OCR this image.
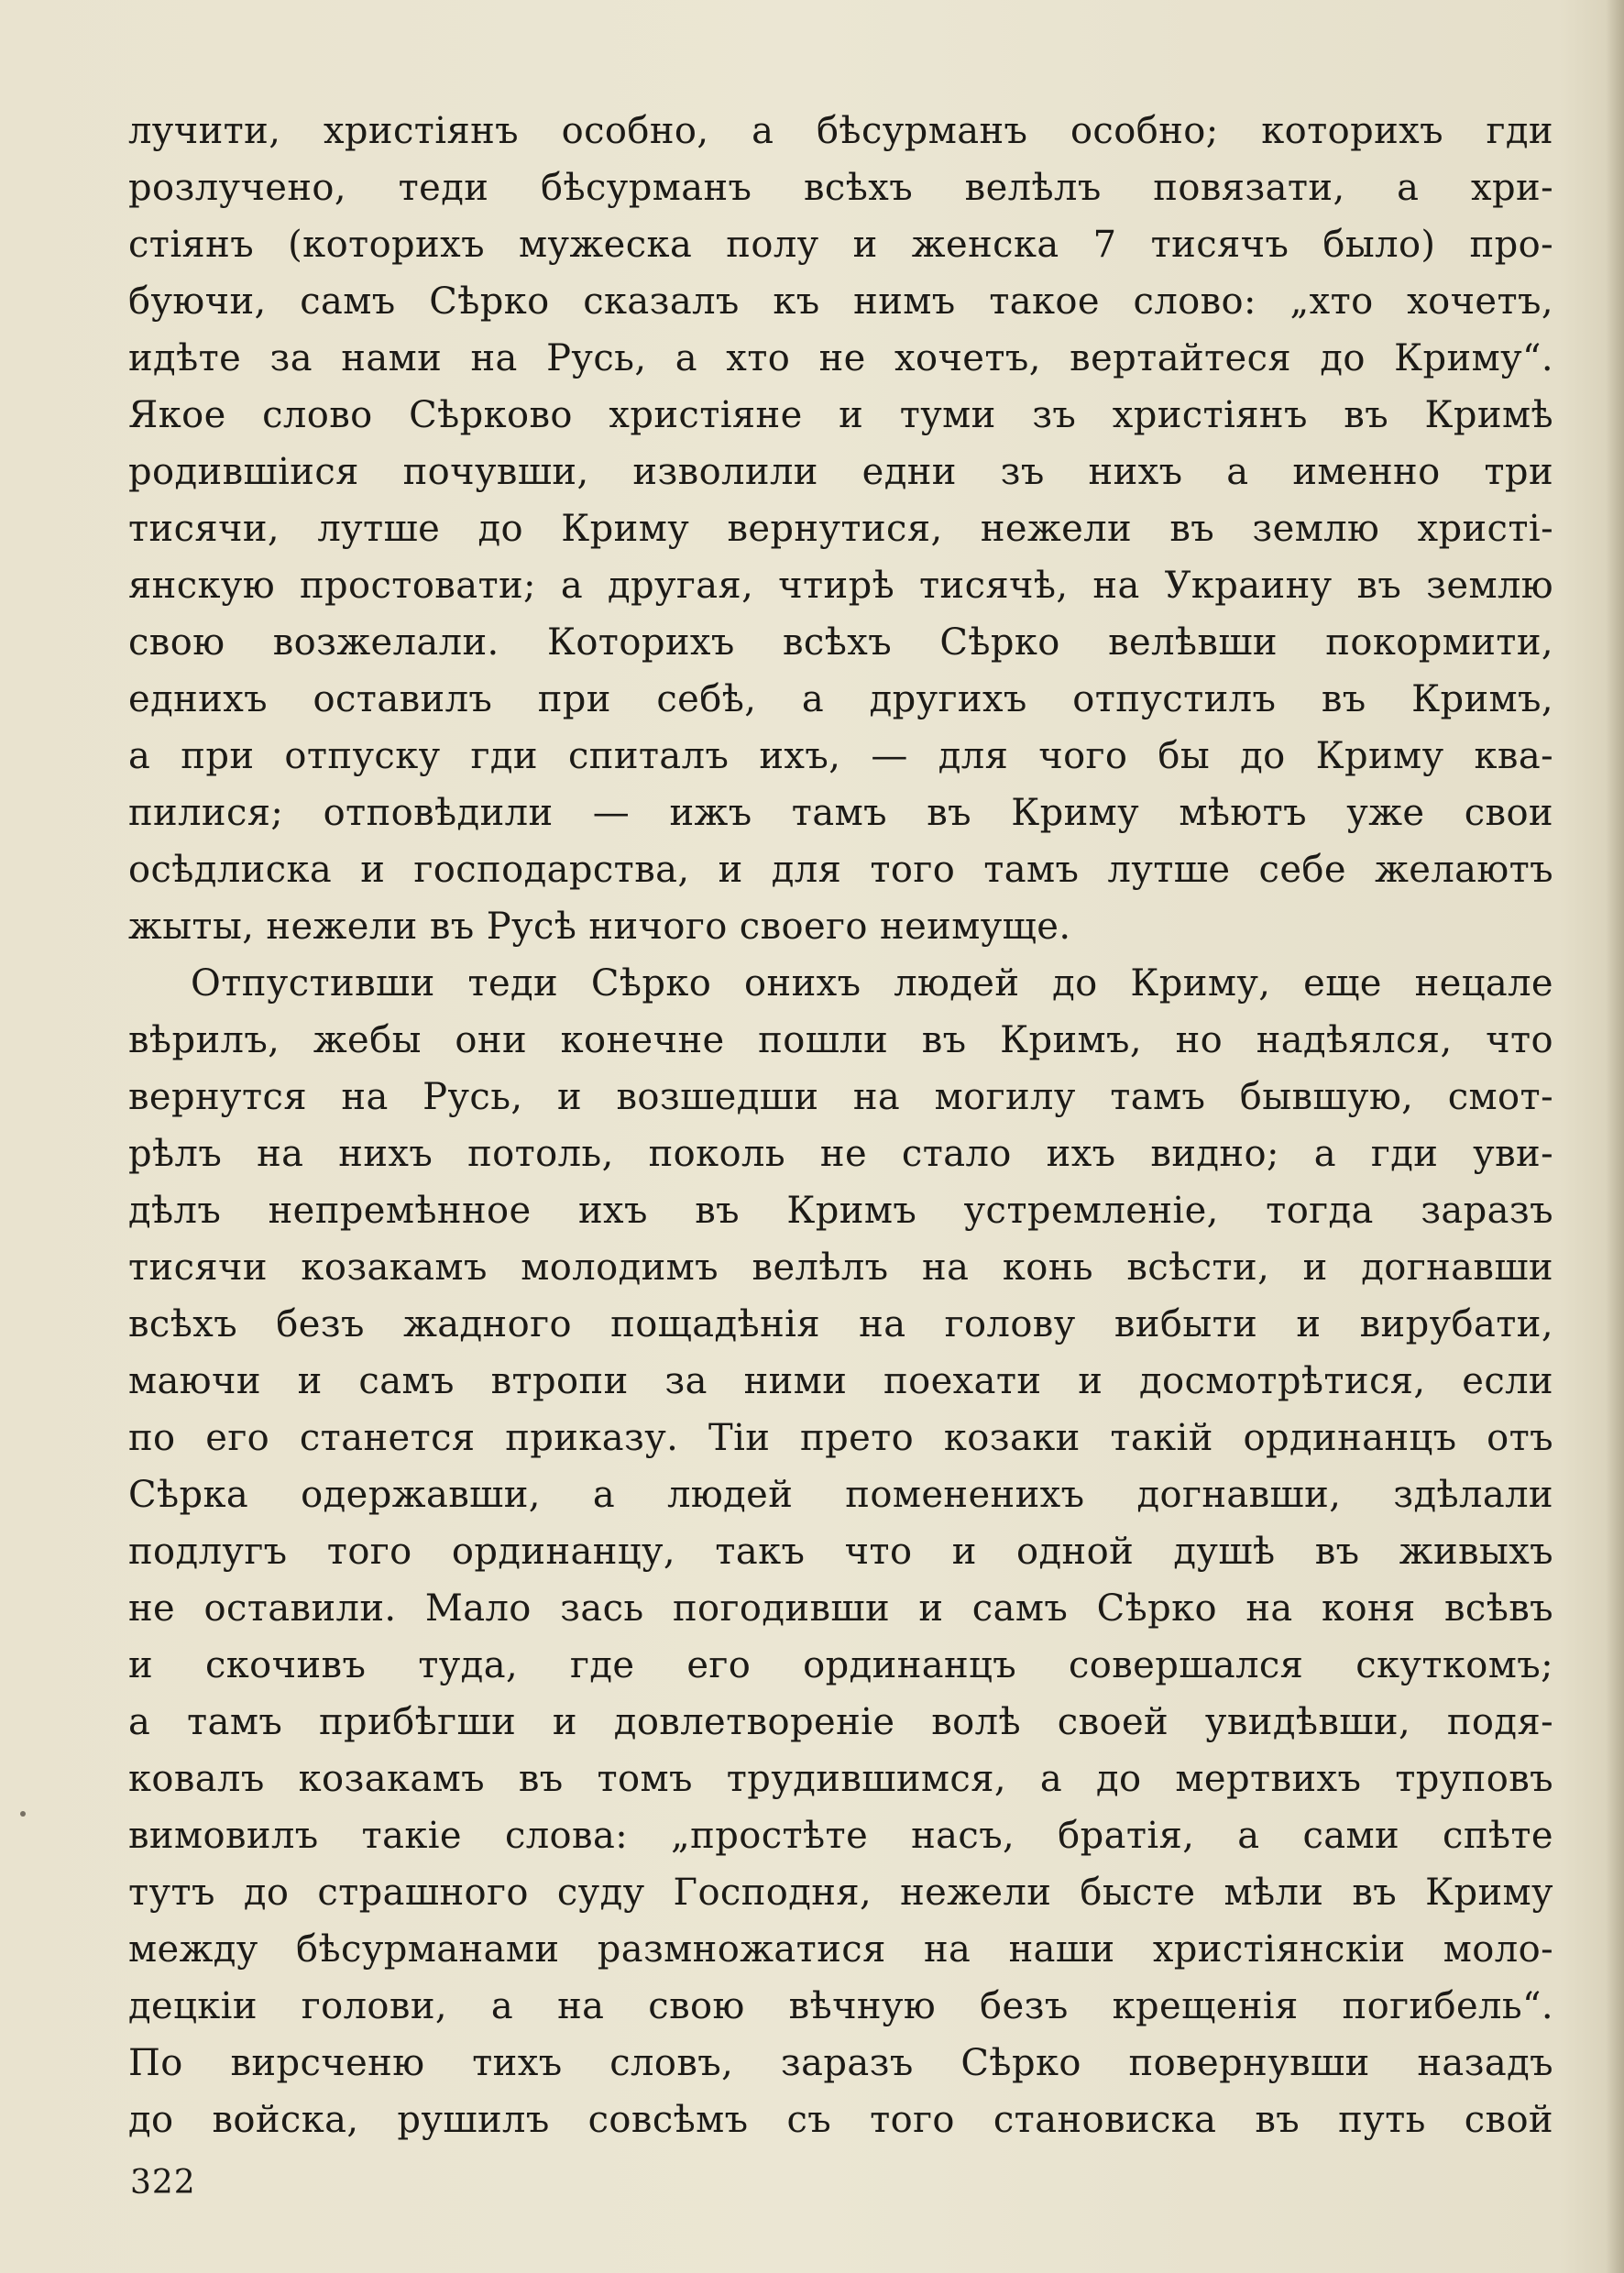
лучити, христіянъ особно, а бѣсурманъ особно; которихъ гди
розлучено, теди бѣсурманъ всѣхъ велѣлъ повязати, а хри-
стіянъ (которихъ мужеска полу и женска 7 тисячъ было) про-
буючи, самъ Сѣрко сказалъ къ нимъ такое слово: „хто хочетъ,
идѣте за нами на Русь, а хто не хочетъ, вертайтеся до Криму“.
Якое слово Сѣрково христіяне и туми зъ христіянъ въ Кримѣ
родившіися почувши, изволили едни зъ нихъ а именно три
тисячи, лутше до Криму вернутися, нежели въ землю христі-
янскую простовати; а другая, чтирѣ тисячѣ, на Украину въ землю
свою возжелали. Которихъ всѣхъ Сѣрко велѣвши покормити,
еднихъ оставилъ при себѣ, а другихъ отпустилъ въ Кримъ,
а при отпуску гди спиталъ ихъ, — для чого бы до Криму ква-
пилися; отповѣдили — ижъ тамъ въ Криму мѣютъ уже свои
осѣдлиска и господарства, и для того тамъ лутше себе желаютъ
жыты, нежели въ Русѣ ничого своего неимуще.
Отпустивши теди Сѣрко онихъ людей до Криму, еще нецале
вѣрилъ, жебы они конечне пошли въ Кримъ, но надѣялся, что
вернутся на Русь, и возшедши на могилу тамъ бывшую, смот-
рѣлъ на нихъ потоль, поколь не стало ихъ видно; а гди уви-
дѣлъ непремѣнное ихъ въ Кримъ устремленіе, тогда заразъ
тисячи козакамъ молодимъ велѣлъ на конь всѣсти, и догнавши
всѣхъ безъ жадного пощадѣнія на голову вибыти и вирубати,
маючи и самъ втропи за ними поехати и досмотрѣтися, если
по его станется приказу. Тіи прето козаки такій ординанцъ отъ
Сѣрка одержавши, а людей помененихъ догнавши, здѣлали
подлугъ того ординанцу, такъ что и одной душѣ въ живыхъ
не оставили. Мало зась погодивши и самъ Сѣрко на коня всѣвъ
и скочивъ туда, где его ординанцъ совершался скуткомъ;
а тамъ прибѣгши и довлетвореніе волѣ своей увидѣвши, подя-
ковалъ козакамъ въ томъ трудившимся, а до мертвихъ труповъ
вимовилъ такіе слова: „простѣте насъ, братія, а сами спѣте
тутъ до страшного суду Господня, нежели быстe мѣли въ Криму
между бѣсурманами размножатися на наши христіянскіи моло-
децкіи голови, а на свою вѣчную безъ крещенія погибель“.
По вирсченю тихъ словъ, заразъ Сѣрко повернувши назадъ
до войска, рушилъ совсѣмъ съ того становиска въ путь свой
322
